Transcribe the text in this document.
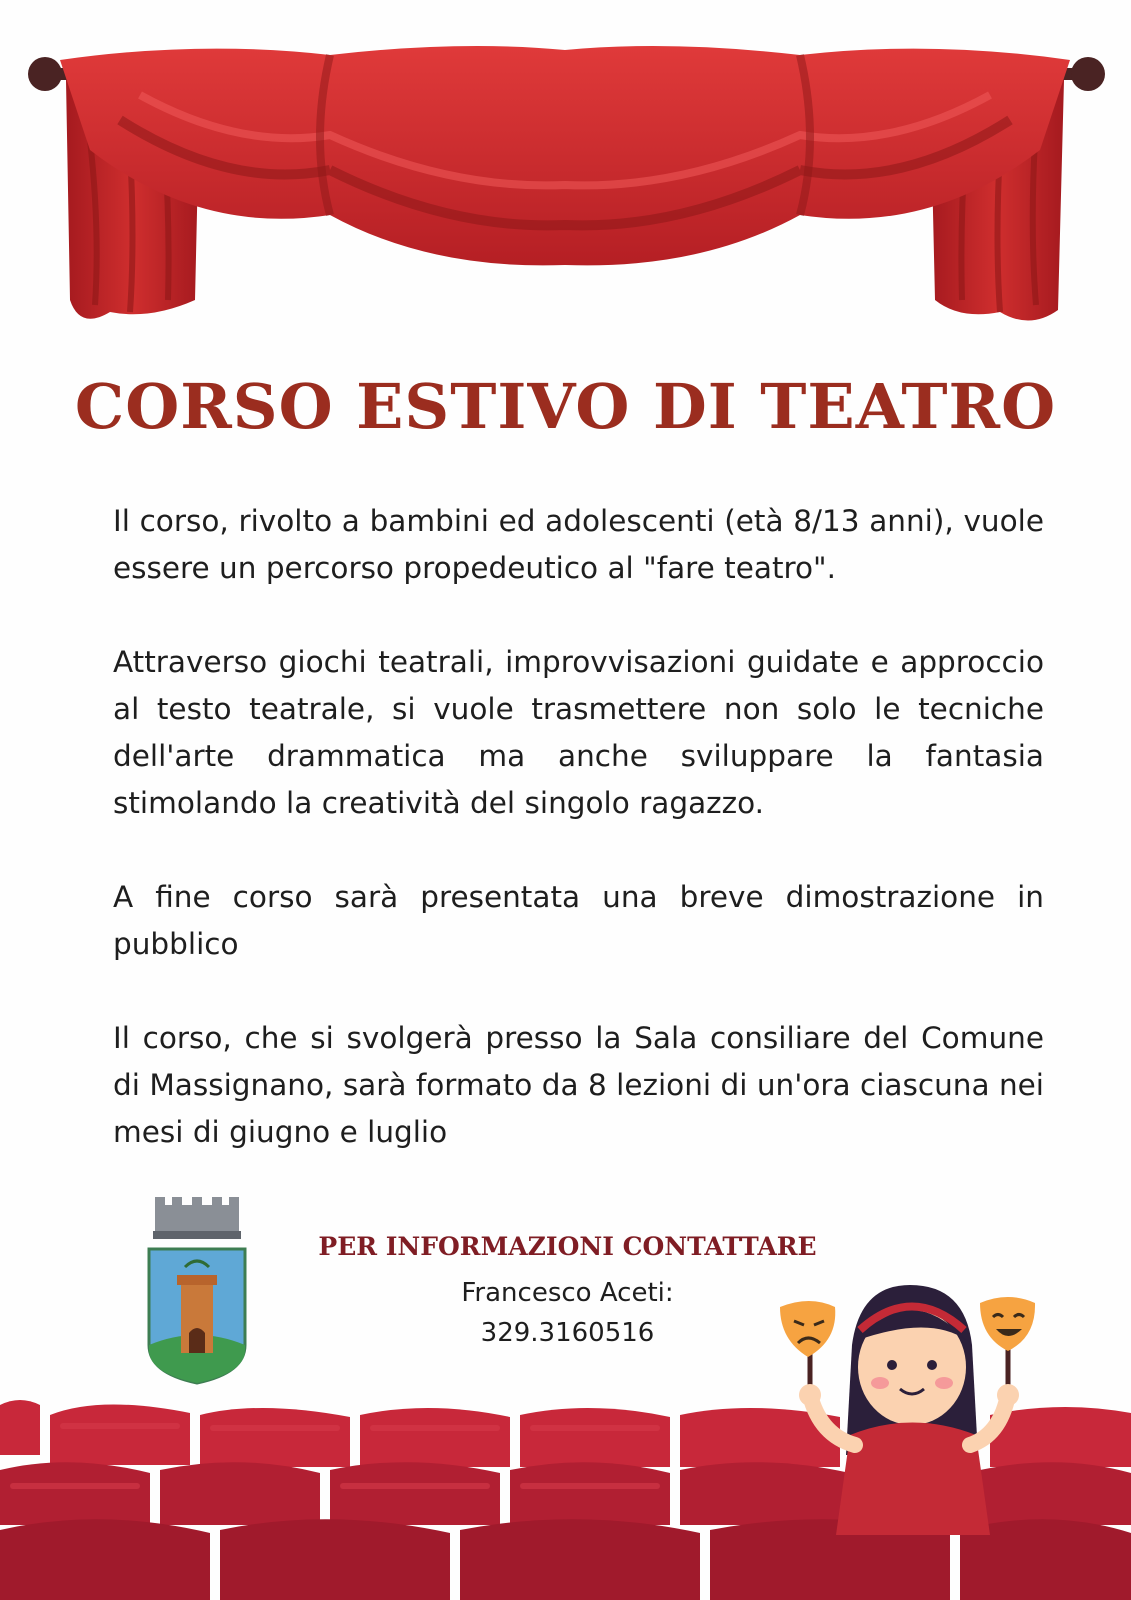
CORSO ESTIVO DI TEATRO

Il corso, rivolto a bambini ed adolescenti (età 8/13 anni), vuole essere un percorso propedeutico al "fare teatro".

Attraverso giochi teatrali, improvvisazioni guidate e approccio al testo teatrale, si vuole trasmettere non solo le tecniche dell'arte drammatica ma anche sviluppare la fantasia stimolando la creatività del singolo ragazzo.

A fine corso sarà presentata una breve dimostrazione in pubblico

Il corso, che si svolgerà presso la Sala consiliare del Comune di Massignano, sarà formato da 8 lezioni di un'ora ciascuna nei mesi di giugno e luglio

PER INFORMAZIONI CONTATTARE

Francesco Aceti:

329.3160516
